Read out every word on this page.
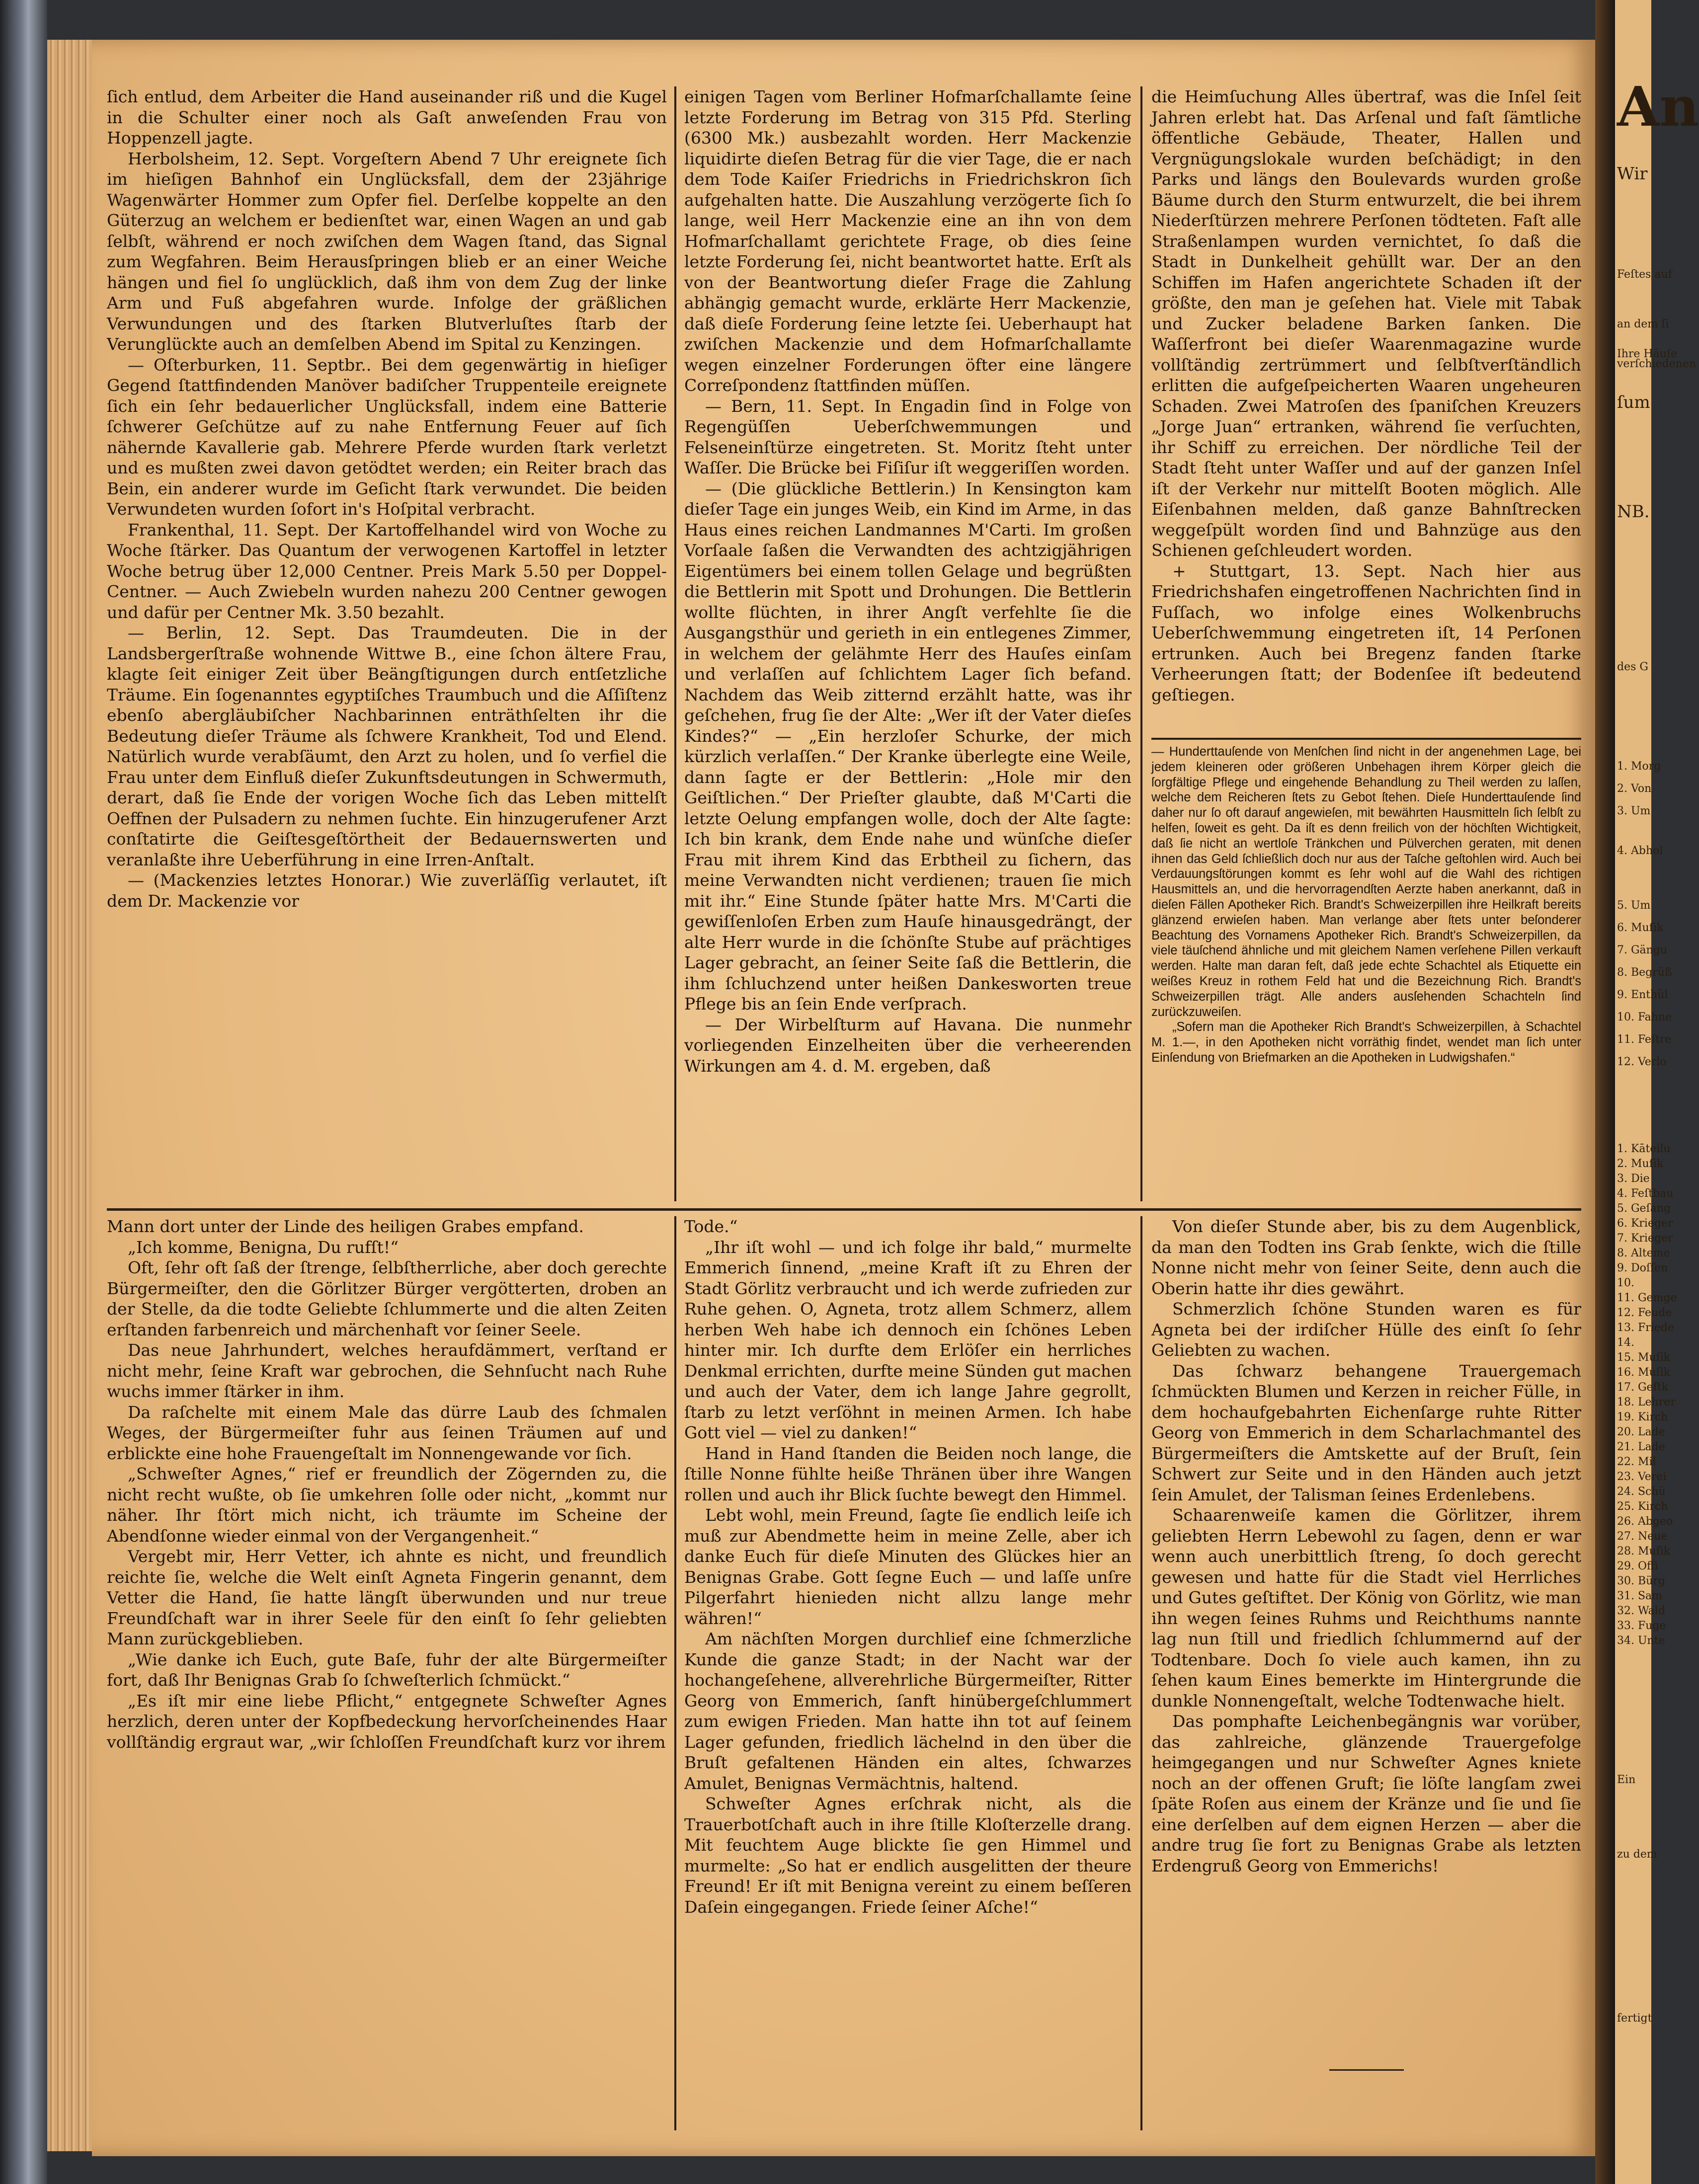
ſich entlud, dem Arbeiter die Hand auseinander riß und die Kugel in die Schulter einer noch als Gaſt anweſenden Frau von Hoppenzell jagte.

Herbolsheim, 12. Sept. Vorgeſtern Abend 7 Uhr ereignete ſich im hieſigen Bahnhof ein Unglücksfall, dem der 23jährige Wagenwärter Hommer zum Opfer fiel. Derſelbe koppelte an den Güterzug an welchem er bedienſtet war, einen Wagen an und gab ſelbſt, während er noch zwiſchen dem Wagen ſtand, das Signal zum Wegfahren. Beim Herausſpringen blieb er an einer Weiche hängen und fiel ſo unglücklich, daß ihm von dem Zug der linke Arm und Fuß abgefahren wurde. Infolge der gräßlichen Verwundungen und des ſtarken Blutverluſtes ſtarb der Verunglückte auch an demſelben Abend im Spital zu Kenzingen.

— Oſterburken, 11. Septbr.. Bei dem gegenwärtig in hieſiger Gegend ſtattfindenden Manöver badiſcher Truppenteile ereignete ſich ein ſehr bedauerlicher Unglücksfall, indem eine Batterie ſchwerer Geſchütze auf zu nahe Entfernung Feuer auf ſich nähernde Kavallerie gab. Mehrere Pferde wurden ſtark verletzt und es mußten zwei davon getödtet werden; ein Reiter brach das Bein, ein anderer wurde im Geſicht ſtark verwundet. Die beiden Verwundeten wurden ſofort in's Hoſpital verbracht.

Frankenthal, 11. Sept. Der Kartoffelhandel wird von Woche zu Woche ſtärker. Das Quantum der verwogenen Kartoffel in letzter Woche betrug über 12,000 Centner. Preis Mark 5.50 per Doppel-Centner. — Auch Zwiebeln wurden nahezu 200 Centner gewogen und dafür per Centner Mk. 3.50 bezahlt.

— Berlin, 12. Sept. Das Traumdeuten. Die in der Landsbergerſtraße wohnende Wittwe B., eine ſchon ältere Frau, klagte ſeit einiger Zeit über Beängſtigungen durch entſetzliche Träume. Ein ſogenanntes egyptiſches Traumbuch und die Aſſiſtenz ebenſo abergläubiſcher Nachbarinnen enträthſelten ihr die Bedeutung dieſer Träume als ſchwere Krankheit, Tod und Elend. Natürlich wurde verabſäumt, den Arzt zu holen, und ſo verfiel die Frau unter dem Einfluß dieſer Zukunftsdeutungen in Schwermuth, derart, daß ſie Ende der vorigen Woche ſich das Leben mittelſt Oeffnen der Pulsadern zu nehmen ſuchte. Ein hinzugerufener Arzt conſtatirte die Geiſtesgeſtörtheit der Bedauernswerten und veranlaßte ihre Ueberführung in eine Irren-Anſtalt.

— (Mackenzies letztes Honorar.) Wie zuverläſſig verlautet, iſt dem Dr. Mackenzie vor

einigen Tagen vom Berliner Hofmarſchallamte ſeine letzte Forderung im Betrag von 315 Pfd. Sterling (6300 Mk.) ausbezahlt worden. Herr Mackenzie liquidirte dieſen Betrag für die vier Tage, die er nach dem Tode Kaiſer Friedrichs in Friedrichskron ſich aufgehalten hatte. Die Auszahlung verzögerte ſich ſo lange, weil Herr Mackenzie eine an ihn von dem Hofmarſchallamt gerichtete Frage, ob dies ſeine letzte Forderung ſei, nicht beantwortet hatte. Erſt als von der Beantwortung dieſer Frage die Zahlung abhängig gemacht wurde, erklärte Herr Mackenzie, daß dieſe Forderung ſeine letzte ſei. Ueberhaupt hat zwiſchen Mackenzie und dem Hofmarſchallamte wegen einzelner Forderungen öfter eine längere Correſpondenz ſtattfinden müſſen.

— Bern, 11. Sept. In Engadin ſind in Folge von Regengüſſen Ueberſchwemmungen und Felseneinſtürze eingetreten. St. Moritz ſteht unter Waſſer. Die Brücke bei Fiſiſur iſt weggeriſſen worden.

— (Die glückliche Bettlerin.) In Kensington kam dieſer Tage ein junges Weib, ein Kind im Arme, in das Haus eines reichen Landmannes M'Carti. Im großen Vorſaale ſaßen die Verwandten des achtzigjährigen Eigentümers bei einem tollen Gelage und begrüßten die Bettlerin mit Spott und Drohungen. Die Bettlerin wollte flüchten, in ihrer Angſt verfehlte ſie die Ausgangsthür und gerieth in ein entlegenes Zimmer, in welchem der gelähmte Herr des Hauſes einſam und verlaſſen auf ſchlichtem Lager ſich befand. Nachdem das Weib zitternd erzählt hatte, was ihr geſchehen, frug ſie der Alte: „Wer iſt der Vater dieſes Kindes?“ — „Ein herzloſer Schurke, der mich kürzlich verlaſſen.“ Der Kranke überlegte eine Weile, dann ſagte er der Bettlerin: „Hole mir den Geiſtlichen.“ Der Prieſter glaubte, daß M'Carti die letzte Oelung empfangen wolle, doch der Alte ſagte: Ich bin krank, dem Ende nahe und wünſche dieſer Frau mit ihrem Kind das Erbtheil zu ſichern, das meine Verwandten nicht verdienen; trauen ſie mich mit ihr.“ Eine Stunde ſpäter hatte Mrs. M'Carti die gewiſſenloſen Erben zum Hauſe hinausgedrängt, der alte Herr wurde in die ſchönſte Stube auf prächtiges Lager gebracht, an ſeiner Seite ſaß die Bettlerin, die ihm ſchluchzend unter heißen Dankesworten treue Pflege bis an ſein Ende verſprach.

— Der Wirbelſturm auf Havana. Die nunmehr vorliegenden Einzelheiten über die verheerenden Wirkungen am 4. d. M. ergeben, daß

die Heimſuchung Alles übertraf, was die Inſel ſeit Jahren erlebt hat. Das Arſenal und faſt ſämtliche öffentliche Gebäude, Theater, Hallen und Vergnügungslokale wurden beſchädigt; in den Parks und längs den Boulevards wurden große Bäume durch den Sturm entwurzelt, die bei ihrem Niederſtürzen mehrere Perſonen tödteten. Faſt alle Straßenlampen wurden vernichtet, ſo daß die Stadt in Dunkelheit gehüllt war. Der an den Schiffen im Hafen angerichtete Schaden iſt der größte, den man je geſehen hat. Viele mit Tabak und Zucker beladene Barken ſanken. Die Waſſerfront bei dieſer Waarenmagazine wurde vollſtändig zertrümmert und ſelbſtverſtändlich erlitten die aufgeſpeicherten Waaren ungeheuren Schaden. Zwei Matroſen des ſpaniſchen Kreuzers „Jorge Juan“ ertranken, während ſie verſuchten, ihr Schiff zu erreichen. Der nördliche Teil der Stadt ſteht unter Waſſer und auf der ganzen Inſel iſt der Verkehr nur mittelſt Booten möglich. Alle Eiſenbahnen melden, daß ganze Bahnſtrecken weggeſpült worden ſind und Bahnzüge aus den Schienen geſchleudert worden.

+ Stuttgart, 13. Sept. Nach hier aus Friedrichshafen eingetroffenen Nachrichten ſind in Fuſſach, wo infolge eines Wolkenbruchs Ueberſchwemmung eingetreten iſt, 14 Perſonen ertrunken. Auch bei Bregenz fanden ſtarke Verheerungen ſtatt; der Bodenſee iſt bedeutend geſtiegen.

— Hunderttauſende von Menſchen ſind nicht in der angenehmen Lage, bei jedem kleineren oder größeren Unbehagen ihrem Körper gleich die ſorgfältige Pflege und eingehende Behandlung zu Theil werden zu laſſen, welche dem Reicheren ſtets zu Gebot ſtehen. Dieſe Hunderttauſende ſind daher nur ſo oft darauf angewieſen, mit bewährten Hausmitteln ſich ſelbſt zu helfen, ſoweit es geht. Da iſt es denn freilich von der höchſten Wichtigkeit, daß ſie nicht an wertloſe Tränkchen und Pülverchen geraten, mit denen ihnen das Geld ſchließlich doch nur aus der Taſche geſtohlen wird. Auch bei Verdauungsſtörungen kommt es ſehr wohl auf die Wahl des richtigen Hausmittels an, und die hervorragendſten Aerzte haben anerkannt, daß in dieſen Fällen Apotheker Rich. Brandt's Schweizerpillen ihre Heilkraft bereits glänzend erwieſen haben. Man verlange aber ſtets unter beſonderer Beachtung des Vornamens Apotheker Rich. Brandt's Schweizerpillen, da viele täuſchend ähnliche und mit gleichem Namen verſehene Pillen verkauft werden. Halte man daran feſt, daß jede echte Schachtel als Etiquette ein weißes Kreuz in rothem Feld hat und die Bezeichnung Rich. Brandt's Schweizerpillen trägt. Alle anders ausſehenden Schachteln ſind zurückzuweiſen.

„Sofern man die Apotheker Rich Brandt's Schweizerpillen, à Schachtel M. 1.—, in den Apotheken nicht vorräthig findet, wendet man ſich unter Einſendung von Briefmarken an die Apotheken in Ludwigshafen.“

Mann dort unter der Linde des heiligen Grabes empfand.

„Ich komme, Benigna, Du rufſt!“

Oft, ſehr oft ſaß der ſtrenge, ſelbſtherrliche, aber doch gerechte Bürgermeiſter, den die Görlitzer Bürger vergötterten, droben an der Stelle, da die todte Geliebte ſchlummerte und die alten Zeiten erſtanden farbenreich und märchenhaft vor ſeiner Seele.

Das neue Jahrhundert, welches heraufdämmert, verſtand er nicht mehr, ſeine Kraft war gebrochen, die Sehnſucht nach Ruhe wuchs immer ſtärker in ihm.

Da raſchelte mit einem Male das dürre Laub des ſchmalen Weges, der Bürgermeiſter fuhr aus ſeinen Träumen auf und erblickte eine hohe Frauengeſtalt im Nonnengewande vor ſich.

„Schweſter Agnes,“ rief er freundlich der Zögernden zu, die nicht recht wußte, ob ſie umkehren ſolle oder nicht, „kommt nur näher. Ihr ſtört mich nicht, ich träumte im Scheine der Abendſonne wieder einmal von der Vergangenheit.“

Vergebt mir, Herr Vetter, ich ahnte es nicht, und freundlich reichte ſie, welche die Welt einſt Agneta Fingerin genannt, dem Vetter die Hand, ſie hatte längſt überwunden und nur treue Freundſchaft war in ihrer Seele für den einſt ſo ſehr geliebten Mann zurückgeblieben.

„Wie danke ich Euch, gute Baſe, fuhr der alte Bürgermeiſter fort, daß Ihr Benignas Grab ſo ſchweſterlich ſchmückt.“

„Es iſt mir eine liebe Pflicht,“ entgegnete Schweſter Agnes herzlich, deren unter der Kopfbedeckung hervorſcheinendes Haar vollſtändig ergraut war, „wir ſchloſſen Freundſchaft kurz vor ihrem

Tode.“

„Ihr iſt wohl — und ich folge ihr bald,“ murmelte Emmerich ſinnend, „meine Kraft iſt zu Ehren der Stadt Görlitz verbraucht und ich werde zufrieden zur Ruhe gehen. O, Agneta, trotz allem Schmerz, allem herben Weh habe ich dennoch ein ſchönes Leben hinter mir. Ich durfte dem Erlöſer ein herrliches Denkmal errichten, durfte meine Sünden gut machen und auch der Vater, dem ich lange Jahre gegrollt, ſtarb zu letzt verſöhnt in meinen Armen. Ich habe Gott viel — viel zu danken!“

Hand in Hand ſtanden die Beiden noch lange, die ſtille Nonne fühlte heiße Thränen über ihre Wangen rollen und auch ihr Blick ſuchte bewegt den Himmel.

Lebt wohl, mein Freund, ſagte ſie endlich leiſe ich muß zur Abendmette heim in meine Zelle, aber ich danke Euch für dieſe Minuten des Glückes hier an Benignas Grabe. Gott ſegne Euch — und laſſe unſre Pilgerfahrt hienieden nicht allzu lange mehr währen!“

Am nächſten Morgen durchlief eine ſchmerzliche Kunde die ganze Stadt; in der Nacht war der hochangeſehene, allverehrliche Bürgermeiſter, Ritter Georg von Emmerich, ſanft hinübergeſchlummert zum ewigen Frieden. Man hatte ihn tot auf ſeinem Lager gefunden, friedlich lächelnd in den über die Bruſt gefaltenen Händen ein altes, ſchwarzes Amulet, Benignas Vermächtnis, haltend.

Schweſter Agnes erſchrak nicht, als die Trauerbotſchaft auch in ihre ſtille Kloſterzelle drang. Mit feuchtem Auge blickte ſie gen Himmel und murmelte: „So hat er endlich ausgelitten der theure Freund! Er iſt mit Benigna vereint zu einem beſſeren Daſein eingegangen. Friede ſeiner Aſche!“

Von dieſer Stunde aber, bis zu dem Augenblick, da man den Todten ins Grab ſenkte, wich die ſtille Nonne nicht mehr von ſeiner Seite, denn auch die Oberin hatte ihr dies gewährt.

Schmerzlich ſchöne Stunden waren es für Agneta bei der irdiſcher Hülle des einſt ſo ſehr Geliebten zu wachen.

Das ſchwarz behangene Trauergemach ſchmückten Blumen und Kerzen in reicher Fülle, in dem hochaufgebahrten Eichenſarge ruhte Ritter Georg von Emmerich in dem Scharlachmantel des Bürgermeiſters die Amtskette auf der Bruſt, ſein Schwert zur Seite und in den Händen auch jetzt ſein Amulet, der Talisman ſeines Erdenlebens.

Schaarenweiſe kamen die Görlitzer, ihrem geliebten Herrn Lebewohl zu ſagen, denn er war wenn auch unerbittlich ſtreng, ſo doch gerecht gewesen und hatte für die Stadt viel Herrliches und Gutes geſtiftet. Der König von Görlitz, wie man ihn wegen ſeines Ruhms und Reichthums nannte lag nun ſtill und friedlich ſchlummernd auf der Todtenbare. Doch ſo viele auch kamen, ihn zu ſehen kaum Eines bemerkte im Hintergrunde die dunkle Nonnengeſtalt, welche Todtenwache hielt.

Das pomphafte Leichenbegängnis war vorüber, das zahlreiche, glänzende Trauergefolge heimgegangen und nur Schweſter Agnes kniete noch an der offenen Gruft; ſie löſte langſam zwei ſpäte Roſen aus einem der Kränze und ſie und ſie eine derſelben auf dem eignen Herzen — aber die andre trug ſie fort zu Benignas Grabe als letzten Erdengruß Georg von Emmerichs!

An
Wir
Feſtes auf
an dem ſi
Ihre Häuſe
verſchiedenen
ſum
NB.
des G
1. Morg
2. Von
3. Um
4. Abhol
5. Um
6. Muſik
7. Gängu
8. Begrüß
9. Enthül
10. Fahne
11. Feſtre
12. Verlo
1. Kāteilu
2. Muſik
3. Die
4. Feſtbau
5. Geſang
6. Krieger
7. Krieger
8. Alteme
9. Doſſen
10.
11. Gemge
12. Feude
13. Friede
14.
15. Muſik
16. Muſik
17. Geſtk
18. Lehrer
19. Kirch
20. Lade
21. Lade
22. Mil
23. Verei
24. Schü
25. Kirch
26. Abgeo
27. Neue
28. Muſik
29. Offi
30. Bürg
31. Sam
32. Wald
33. Fuge
34. Unte
Ein
zu dem
fertigt
